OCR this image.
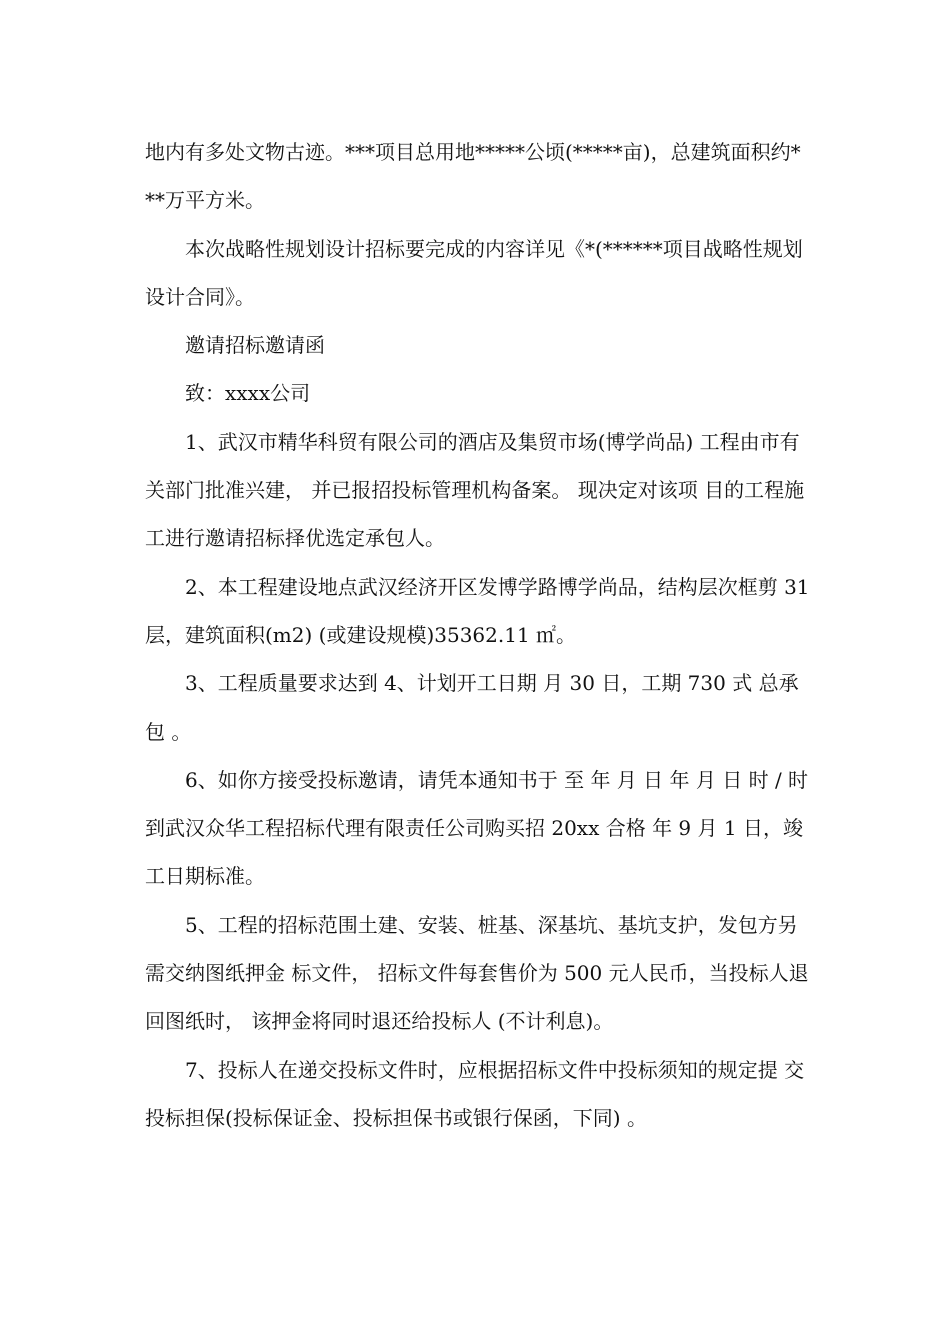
地内有多处文物古迹。***项目总用地*****公顷(*****亩)，总建筑面积约***万平方米。

本次战略性规划设计招标要完成的内容详见《*(******项目战略性规划设计合同》。

邀请招标邀请函

致：xxxx公司

1、武汉市精华科贸有限公司的酒店及集贸市场(博学尚品) 工程由市有关部门批准兴建， 并已报招投标管理机构备案。 现决定对该项 目的工程施工进行邀请招标择优选定承包人。

2、本工程建设地点武汉经济开区发博学路博学尚品，结构层次框剪 31 层，建筑面积(m2) (或建设规模)35362.11 ㎡。

3、工程质量要求达到 4、计划开工日期 月 30 日，工期 730 式 总承包 。

6、如你方接受投标邀请，请凭本通知书于 至 年 月 日 年 月 日 时 / 时到武汉众华工程招标代理有限责任公司购买招 20xx 合格 年 9 月 1 日，竣工日期标准。

5、工程的招标范围土建、安装、桩基、深基坑、基坑支护，发包方另需交纳图纸押金 标文件， 招标文件每套售价为 500 元人民币，当投标人退回图纸时， 该押金将同时退还给投标人 (不计利息)。

7、投标人在递交投标文件时，应根据招标文件中投标须知的规定提 交投标担保(投标保证金、投标担保书或银行保函，下同) 。
